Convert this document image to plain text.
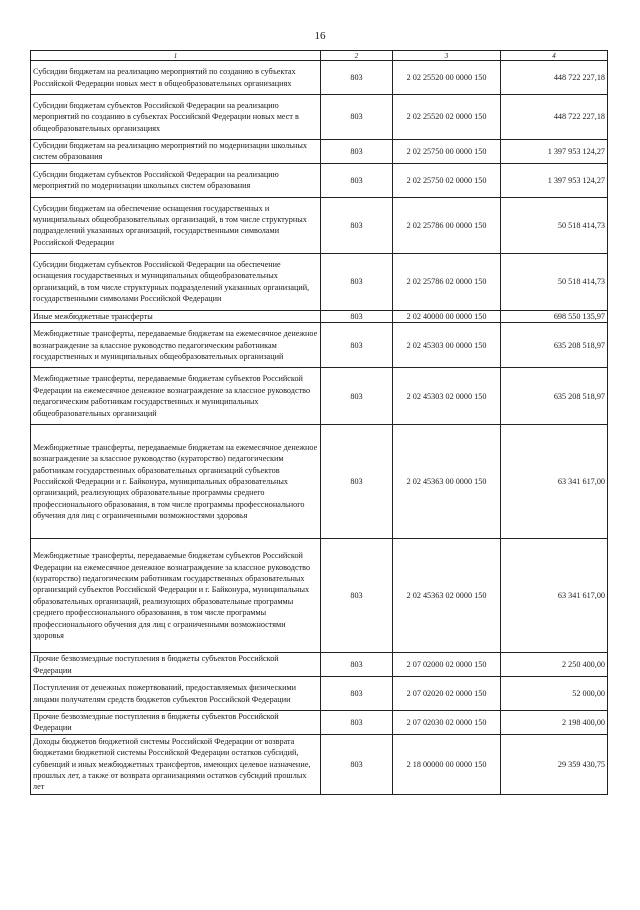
16
1	2	3	4
Субсидии бюджетам на реализацию мероприятий по созданию в субъектах Российской Федерации новых мест в общеобразовательных организациях	803	2 02 25520 00 0000 150	448 722 227,18
Субсидии бюджетам субъектов Российской Федерации на реализацию мероприятий по созданию в субъектах Российской Федерации новых мест в общеобразовательных организациях	803	2 02 25520 02 0000 150	448 722 227,18
Субсидии бюджетам на реализацию мероприятий по модернизации школьных систем образования	803	2 02 25750 00 0000 150	1 397 953 124,27
Субсидии бюджетам субъектов Российской Федерации на реализацию мероприятий по модернизации школьных систем образования	803	2 02 25750 02 0000 150	1 397 953 124,27
Субсидии бюджетам на обеспечение оснащения государственных и муниципальных общеобразовательных организаций, в том числе структурных подразделений указанных организаций, государственными символами Российской Федерации	803	2 02 25786 00 0000 150	50 518 414,73
Субсидии бюджетам субъектов Российской Федерации на обеспечение оснащения государственных и муниципальных общеобразовательных организаций, в том числе структурных подразделений указанных организаций, государственными символами Российской Федерации	803	2 02 25786 02 0000 150	50 518 414,73
Иные межбюджетные трансферты	803	2 02 40000 00 0000 150	698 550 135,97
Межбюджетные трансферты, передаваемые бюджетам на ежемесячное денежное вознаграждение за классное руководство педагогическим работникам государственных и муниципальных общеобразовательных организаций	803	2 02 45303 00 0000 150	635 208 518,97
Межбюджетные трансферты, передаваемые бюджетам субъектов Российской Федерации на ежемесячное денежное вознаграждение за классное руководство педагогическим работникам государственных и муниципальных общеобразовательных организаций	803	2 02 45303 02 0000 150	635 208 518,97
Межбюджетные трансферты, передаваемые бюджетам на ежемесячное денежное вознаграждение за классное руководство (кураторство) педагогическим работникам государственных образовательных организаций субъектов Российской Федерации и г. Байконура, муниципальных образовательных организаций, реализующих образовательные программы среднего профессионального образования, в том числе программы профессионального обучения для лиц с ограниченными возможностями здоровья	803	2 02 45363 00 0000 150	63 341 617,00
Межбюджетные трансферты, передаваемые бюджетам субъектов Российской Федерации на ежемесячное денежное вознаграждение за классное руководство (кураторство) педагогическим работникам государственных образовательных организаций субъектов Российской Федерации и г. Байконура, муниципальных образовательных организаций, реализующих образовательные программы среднего профессионального образования, в том числе программы профессионального обучения для лиц с ограниченными возможностями здоровья	803	2 02 45363 02 0000 150	63 341 617,00
Прочие безвозмездные поступления в бюджеты субъектов Российской Федерации	803	2 07 02000 02 0000 150	2 250 400,00
Поступления от денежных пожертвований, предоставляемых физическими лицами получателям средств бюджетов субъектов Российской Федерации	803	2 07 02020 02 0000 150	52 000,00
Прочие безвозмездные поступления в бюджеты субъектов Российской Федерации	803	2 07 02030 02 0000 150	2 198 400,00
Доходы бюджетов бюджетной системы Российской Федерации от возврата бюджетами бюджетной системы Российской Федерации остатков субсидий, субвенций и иных межбюджетных трансфертов, имеющих целевое назначение, прошлых лет, а также от возврата организациями остатков субсидий прошлых лет	803	2 18 00000 00 0000 150	29 359 430,75
